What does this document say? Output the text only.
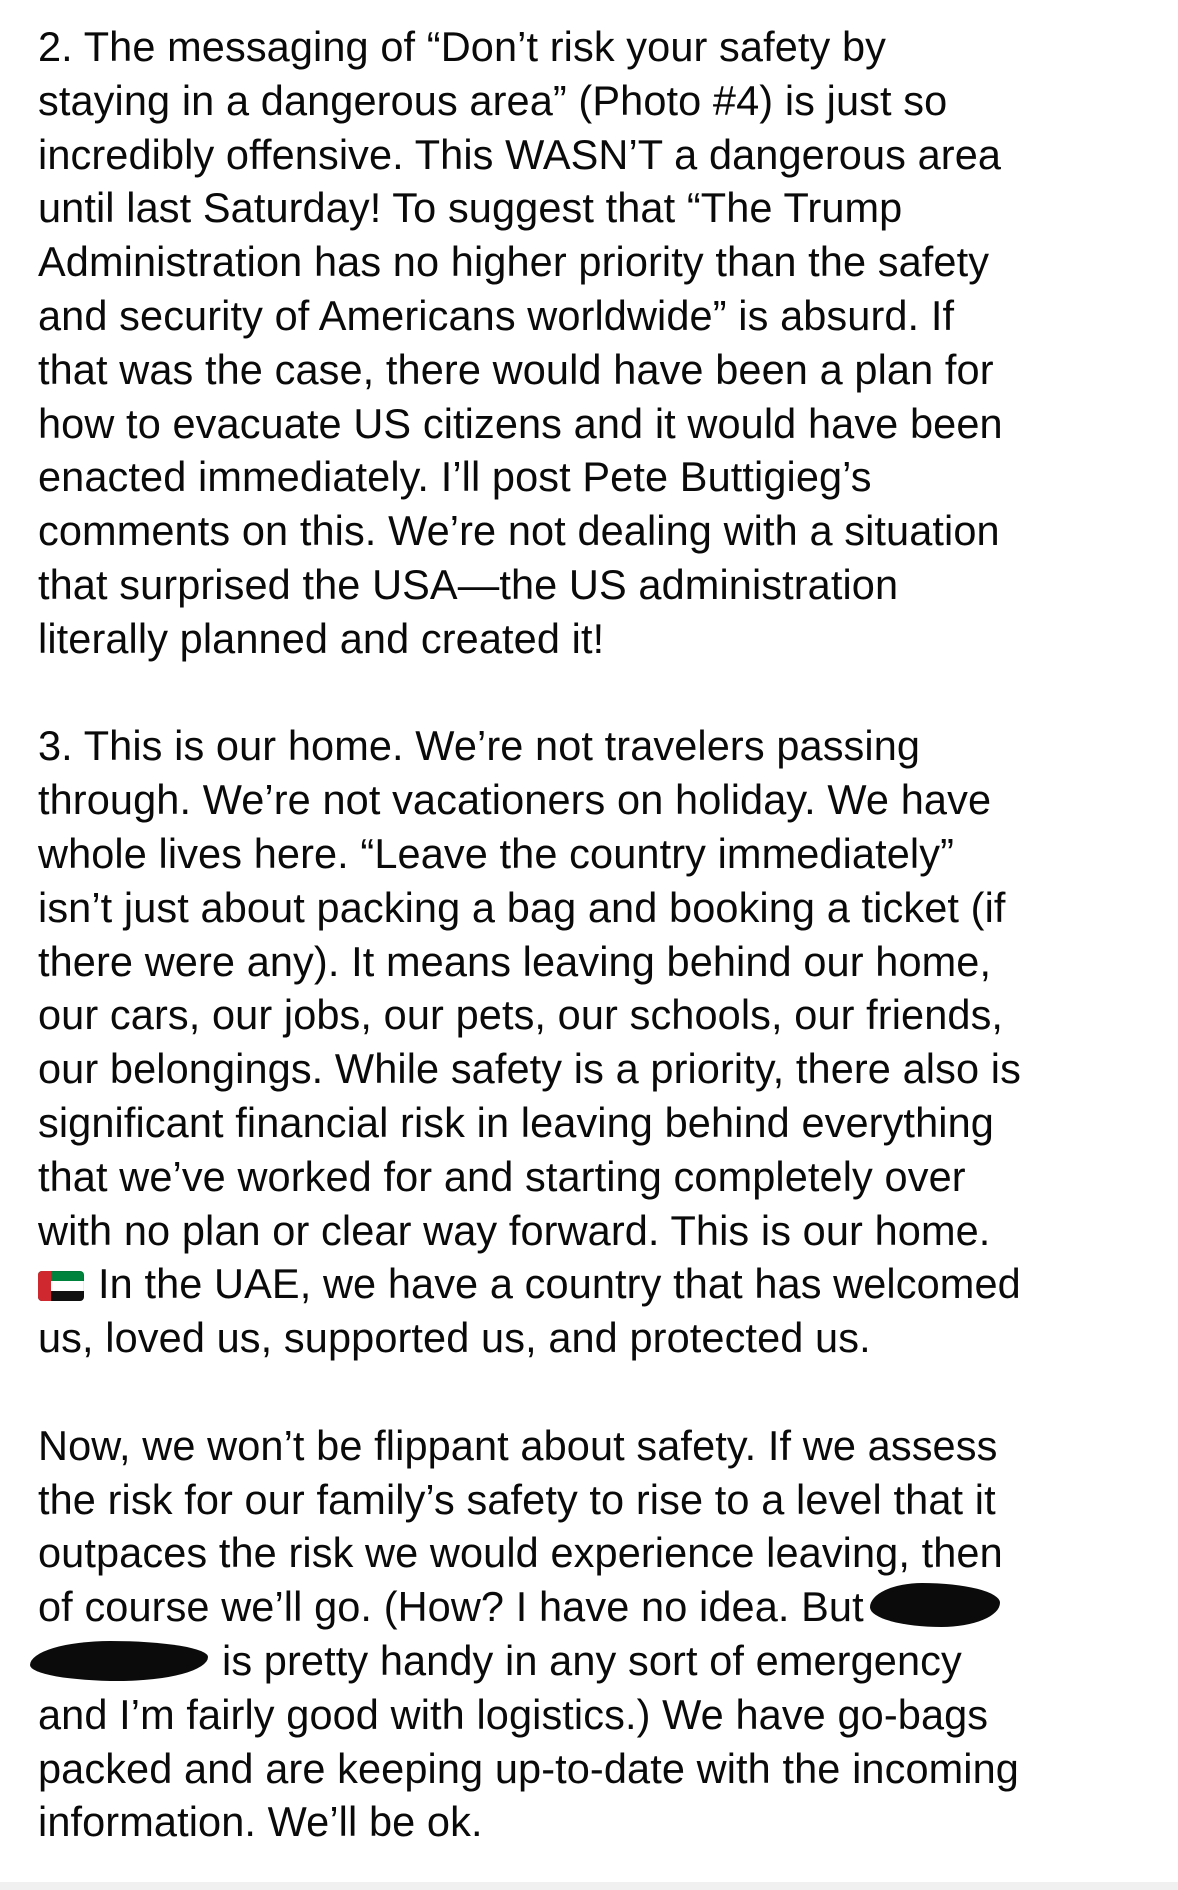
2. The messaging of “Don’t risk your safety by
staying in a dangerous area” (Photo #4) is just so
incredibly offensive. This WASN’T a dangerous area
until last Saturday! To suggest that “The Trump
Administration has no higher priority than the safety
and security of Americans worldwide” is absurd. If
that was the case, there would have been a plan for
how to evacuate US citizens and it would have been
enacted immediately. I’ll post Pete Buttigieg’s
comments on this. We’re not dealing with a situation
that surprised the USA—the US administration
literally planned and created it!
3. This is our home. We’re not travelers passing
through. We’re not vacationers on holiday. We have
whole lives here. “Leave the country immediately”
isn’t just about packing a bag and booking a ticket (if
there were any). It means leaving behind our home,
our cars, our jobs, our pets, our schools, our friends,
our belongings. While safety is a priority, there also is
significant financial risk in leaving behind everything
that we’ve worked for and starting completely over
with no plan or clear way forward. This is our home.
In the UAE, we have a country that has welcomed
us, loved us, supported us, and protected us.
Now, we won’t be flippant about safety. If we assess
the risk for our family’s safety to rise to a level that it
outpaces the risk we would experience leaving, then
of course we’ll go. (How? I have no idea. But
is pretty handy in any sort of emergency
and I’m fairly good with logistics.) We have go-bags
packed and are keeping up-to-date with the incoming
information. We’ll be ok.
